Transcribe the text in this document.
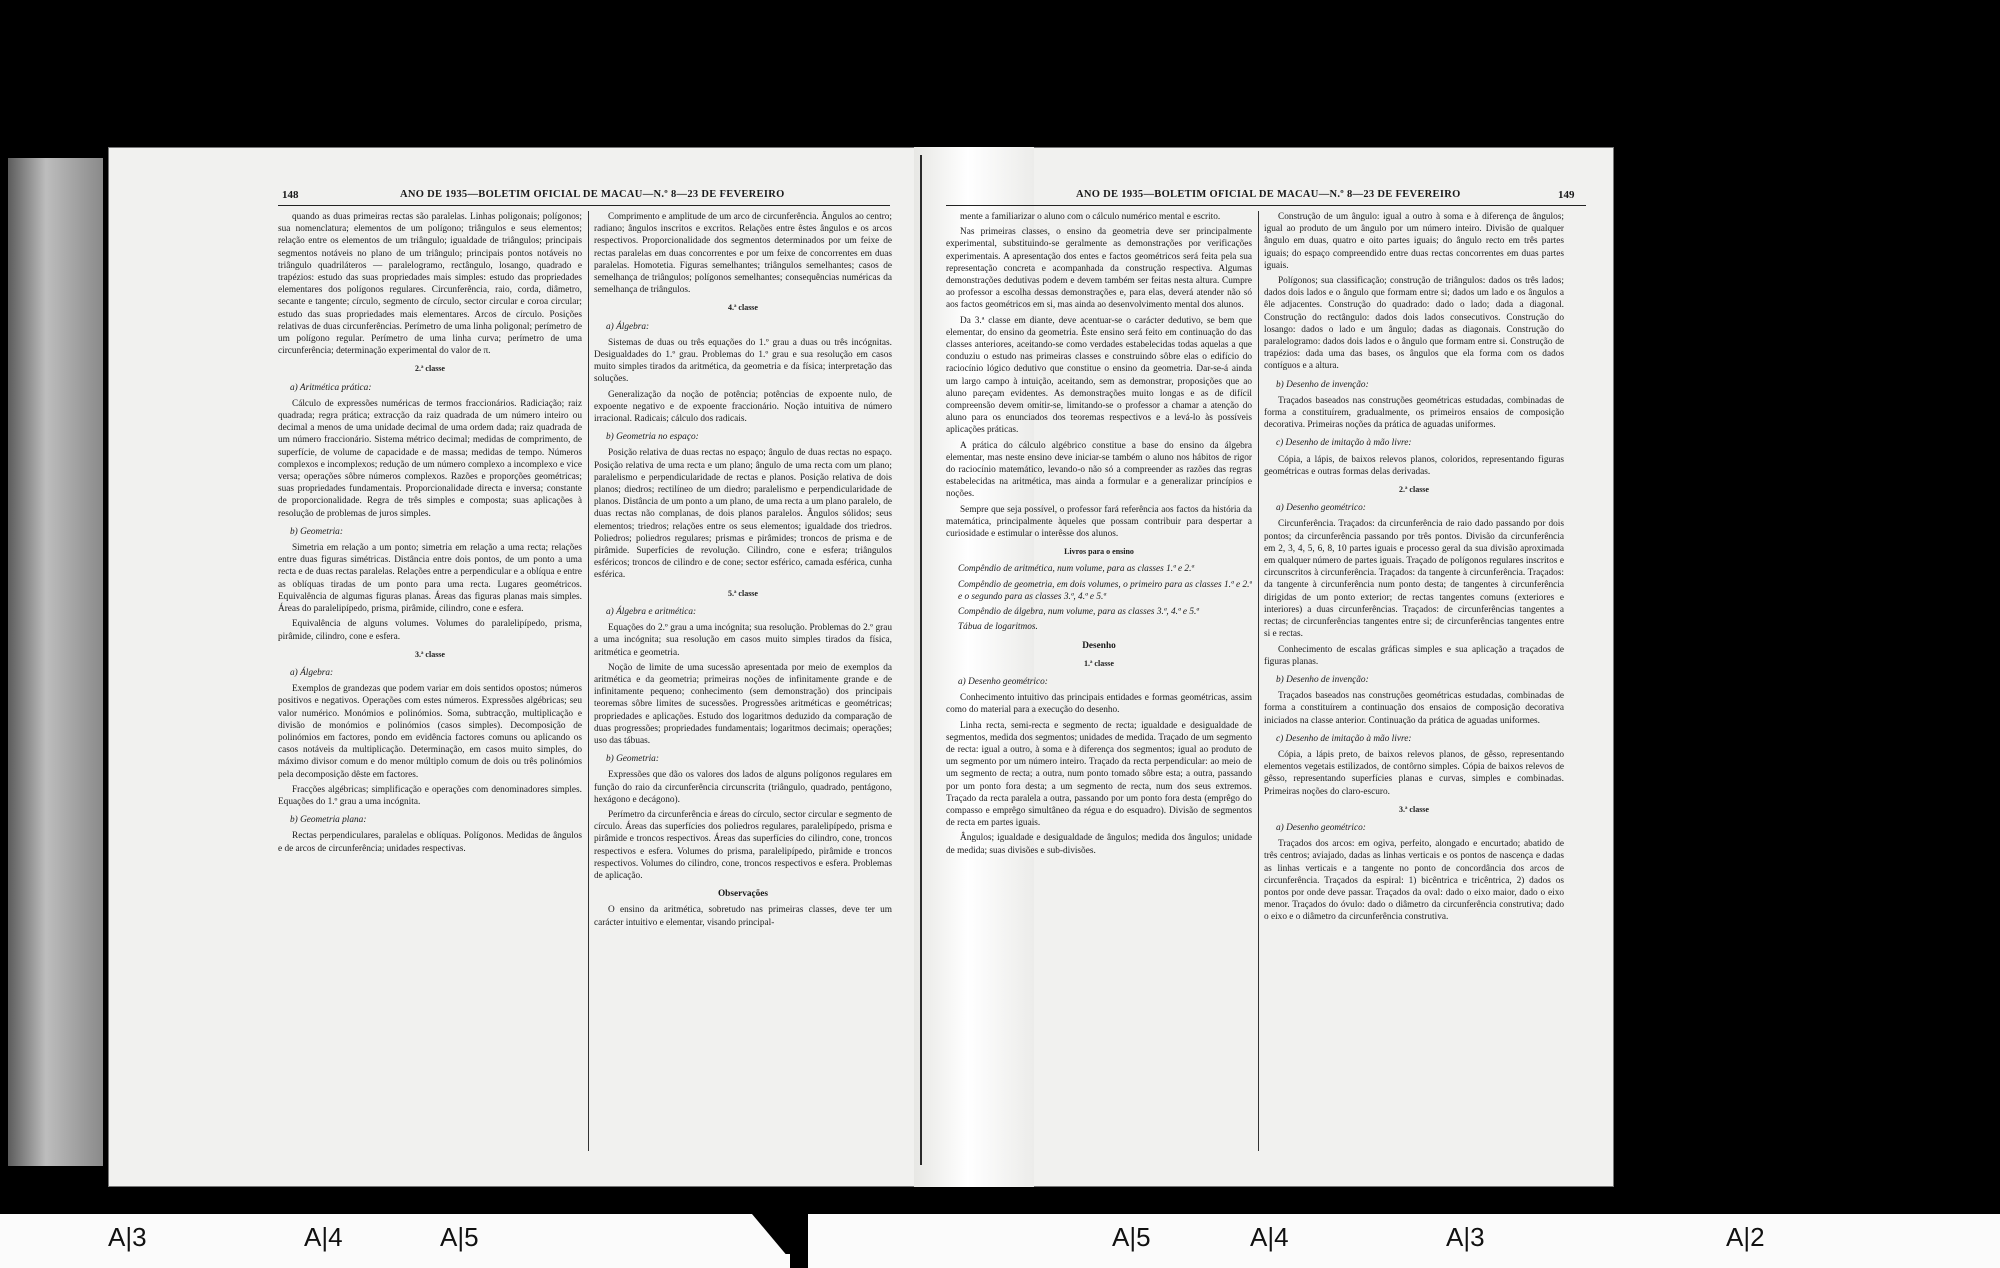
148	ANO DE 1935—BOLETIM OFICIAL DE MACAU—N.º 8—23 DE FEVEREIRO

quando as duas primeiras rectas são paralelas. Linhas poligonais; polígonos; sua nomenclatura; elementos de um polígono; triângulos e seus elementos; relação entre os elementos de um triângulo; igualdade de triângulos; principais segmentos notáveis no plano de um triângulo; principais pontos notáveis no triângulo quadriláteros — paralelogramo, rectângulo, losango, quadrado e trapézios: estudo das suas propriedades mais simples: estudo das propriedades elementares dos polígonos regulares. Circunferência, raio, corda, diâmetro, secante e tangente; círculo, segmento de círculo, sector circular e coroa circular; estudo das suas propriedades mais elementares. Arcos de círculo. Posições relativas de duas circunferências. Perímetro de uma linha poligonal; perímetro de um polígono regular. Perímetro de uma linha curva; perímetro de uma circunferência; determinação experimental do valor de π.

2.ª classe
a) Aritmética prática:

Cálculo de expressões numéricas de termos fraccionários. Radiciação; raiz quadrada; regra prática; extracção da raiz quadrada de um número inteiro ou decimal a menos de uma unidade decimal de uma ordem dada; raiz quadrada de um número fraccionário. Sistema métrico decimal; medidas de comprimento, de superfície, de volume de capacidade e de massa; medidas de tempo. Números complexos e incomplexos; redução de um número complexo a incomplexo e vice versa; operações sôbre números complexos. Razões e proporções geométricas; suas propriedades fundamentais. Proporcionalidade directa e inversa; constante de proporcionalidade. Regra de três simples e composta; suas aplicações à resolução de problemas de juros simples.

b) Geometria:

Simetria em relação a um ponto; simetria em relação a uma recta; relações entre duas figuras simétricas. Distância entre dois pontos, de um ponto a uma recta e de duas rectas paralelas. Relações entre a perpendicular e a oblíqua e entre as oblíquas tiradas de um ponto para uma recta. Lugares geométricos. Equivalência de algumas figuras planas. Áreas das figuras planas mais simples. Áreas do paralelipípedo, prisma, pirâmide, cilindro, cone e esfera.

Equivalência de alguns volumes. Volumes do paralelipípedo, prisma, pirâmide, cilindro, cone e esfera.

3.ª classe
a) Álgebra:

Exemplos de grandezas que podem variar em dois sentidos opostos; números positivos e negativos. Operações com estes números. Expressões algébricas; seu valor numérico. Monómios e polinómios. Soma, subtracção, multiplicação e divisão de monómios e polinómios (casos simples). Decomposição de polinómios em factores, pondo em evidência factores comuns ou aplicando os casos notáveis da multiplicação. Determinação, em casos muito simples, do máximo divisor comum e do menor múltiplo comum de dois ou três polinómios pela decomposição dêste em factores.

Fracções algébricas; simplificação e operações com denominadores simples. Equações do 1.º grau a uma incógnita.

b) Geometria plana:

Rectas perpendiculares, paralelas e oblíquas. Polígonos. Medidas de ângulos e de arcos de circunferência; unidades respectivas.

Comprimento e amplitude de um arco de circunferência. Ângulos ao centro; radiano; ângulos inscritos e excritos. Relações entre êstes ângulos e os arcos respectivos. Proporcionalidade dos segmentos determinados por um feixe de rectas paralelas em duas concorrentes e por um feixe de concorrentes em duas paralelas. Homotetia. Figuras semelhantes; triângulos semelhantes; casos de semelhança de triângulos; polígonos semelhantes; consequências numéricas da semelhança de triângulos.

4.ª classe
a) Álgebra:

Sistemas de duas ou três equações do 1.º grau a duas ou três incógnitas. Desigualdades do 1.º grau. Problemas do 1.º grau e sua resolução em casos muito simples tirados da aritmética, da geometria e da física; interpretação das soluções.

Generalização da noção de potência; potências de expoente nulo, de expoente negativo e de expoente fraccionário. Noção intuitiva de número irracional. Radicais; cálculo dos radicais.

b) Geometria no espaço:

Posição relativa de duas rectas no espaço; ângulo de duas rectas no espaço. Posição relativa de uma recta e um plano; ângulo de uma recta com um plano; paralelismo e perpendicularidade de rectas e planos. Posição relativa de dois planos; diedros; rectilíneo de um diedro; paralelismo e perpendicularidade de planos. Distância de um ponto a um plano, de uma recta a um plano paralelo, de duas rectas não complanas, de dois planos paralelos. Ângulos sólidos; seus elementos; triedros; relações entre os seus elementos; igualdade dos triedros. Poliedros; poliedros regulares; prismas e pirâmides; troncos de prisma e de pirâmide. Superfícies de revolução. Cilindro, cone e esfera; triângulos esféricos; troncos de cilindro e de cone; sector esférico, camada esférica, cunha esférica.

5.ª classe
a) Álgebra e aritmética:

Equações do 2.º grau a uma incógnita; sua resolução. Problemas do 2.º grau a uma incógnita; sua resolução em casos muito simples tirados da física, aritmética e geometria.

Noção de limite de uma sucessão apresentada por meio de exemplos da aritmética e da geometria; primeiras noções de infinitamente grande e de infinitamente pequeno; conhecimento (sem demonstração) dos principais teoremas sôbre limites de sucessões. Progressões aritméticas e geométricas; propriedades e aplicações. Estudo dos logaritmos deduzido da comparação de duas progressões; propriedades fundamentais; logaritmos decimais; operações; uso das tábuas.

b) Geometria:

Expressões que dão os valores dos lados de alguns polígonos regulares em função do raio da circunferência circunscrita (triângulo, quadrado, pentágono, hexágono e decágono).

Perímetro da circunferência e áreas do círculo, sector circular e segmento de círculo. Áreas das superfícies dos poliedros regulares, paralelipípedo, prisma e pirâmide e troncos respectivos. Áreas das superfícies do cilindro, cone, troncos respectivos e esfera. Volumes do prisma, paralelipípedo, pirâmide e troncos respectivos. Volumes do cilindro, cone, troncos respectivos e esfera. Problemas de aplicação.

Observações

O ensino da aritmética, sobretudo nas primeiras classes, deve ter um carácter intuitivo e elementar, visando principal-

149
ANO DE 1935—BOLETIM OFICIAL DE MACAU—N.º 8—23 DE FEVEREIRO

mente a familiarizar o aluno com o cálculo numérico mental e escrito.

Nas primeiras classes, o ensino da geometria deve ser principalmente experimental, substituindo-se geralmente as demonstrações por verificações experimentais. A apresentação dos entes e factos geométricos será feita pela sua representação concreta e acompanhada da construção respectiva. Algumas demonstrações dedutivas podem e devem também ser feitas nesta altura. Cumpre ao professor a escolha dessas demonstrações e, para elas, deverá atender não só aos factos geométricos em si, mas ainda ao desenvolvimento mental dos alunos.

Da 3.ª classe em diante, deve acentuar-se o carácter dedutivo, se bem que elementar, do ensino da geometria. Êste ensino será feito em continuação do das classes anteriores, aceitando-se como verdades estabelecidas todas aquelas a que conduziu o estudo nas primeiras classes e construindo sôbre elas o edifício do raciocínio lógico dedutivo que constitue o ensino da geometria. Dar-se-á ainda um largo campo à intuição, aceitando, sem as demonstrar, proposições que ao aluno pareçam evidentes. As demonstrações muito longas e as de difícil compreensão devem omitir-se, limitando-se o professor a chamar a atenção do aluno para os enunciados dos teoremas respectivos e a levá-lo às possíveis aplicações práticas.

A prática do cálculo algébrico constitue a base do ensino da álgebra elementar, mas neste ensino deve iniciar-se também o aluno nos hábitos de rigor do raciocínio matemático, levando-o não só a compreender as razões das regras estabelecidas na aritmética, mas ainda a formular e a generalizar princípios e noções.

Sempre que seja possível, o professor fará referência aos factos da história da matemática, principalmente àqueles que possam contribuir para despertar a curiosidade e estimular o interêsse dos alunos.

Livros para o ensino
Compêndio de aritmética, num volume, para as classes 1.ª e 2.ª
Compêndio de geometria, em dois volumes, o primeiro para as classes 1.ª e 2.ª e o segundo para as classes 3.ª, 4.ª e 5.ª
Compêndio de álgebra, num volume, para as classes 3.ª, 4.ª e 5.ª
Tábua de logaritmos.
Desenho
1.ª classe
a) Desenho geométrico:

Conhecimento intuitivo das principais entidades e formas geométricas, assim como do material para a execução do desenho.

Linha recta, semi-recta e segmento de recta; igualdade e desigualdade de segmentos, medida dos segmentos; unidades de medida. Traçado de um segmento de recta: igual a outro, à soma e à diferença dos segmentos; igual ao produto de um segmento por um número inteiro. Traçado da recta perpendicular: ao meio de um segmento de recta; a outra, num ponto tomado sôbre esta; a outra, passando por um ponto fora desta; a um segmento de recta, num dos seus extremos. Traçado da recta paralela a outra, passando por um ponto fora desta (emprêgo do compasso e emprêgo simultâneo da régua e do esquadro). Divisão de segmentos de recta em partes iguais.

Ângulos; igualdade e desigualdade de ângulos; medida dos ângulos; unidade de medida; suas divisões e sub-divisões.

Construção de um ângulo: igual a outro à soma e à diferença de ângulos; igual ao produto de um ângulo por um número inteiro. Divisão de qualquer ângulo em duas, quatro e oito partes iguais; do ângulo recto em três partes iguais; do espaço compreendido entre duas rectas concorrentes em duas partes iguais.

Polígonos; sua classificação; construção de triângulos: dados os três lados; dados dois lados e o ângulo que formam entre si; dados um lado e os ângulos a êle adjacentes. Construção do quadrado: dado o lado; dada a diagonal. Construção do rectângulo: dados dois lados consecutivos. Construção do losango: dados o lado e um ângulo; dadas as diagonais. Construção do paralelogramo: dados dois lados e o ângulo que formam entre si. Construção de trapézios: dada uma das bases, os ângulos que ela forma com os dados contíguos e a altura.

b) Desenho de invenção:

Traçados baseados nas construções geométricas estudadas, combinadas de forma a constituírem, gradualmente, os primeiros ensaios de composição decorativa. Primeiras noções da prática de aguadas uniformes.

c) Desenho de imitação à mão livre:

Cópia, a lápis, de baixos relevos planos, coloridos, representando figuras geométricas e outras formas delas derivadas.

2.ª classe
a) Desenho geométrico:

Circunferência. Traçados: da circunferência de raio dado passando por dois pontos; da circunferência passando por três pontos. Divisão da circunferência em 2, 3, 4, 5, 6, 8, 10 partes iguais e processo geral da sua divisão aproximada em qualquer número de partes iguais. Traçado de polígonos regulares inscritos e circunscritos à circunferência. Traçados: da tangente à circunferência. Traçados: da tangente à circunferência num ponto desta; de tangentes à circunferência dirigidas de um ponto exterior; de rectas tangentes comuns (exteriores e interiores) a duas circunferências. Traçados: de circunferências tangentes a rectas; de circunferências tangentes entre si; de circunferências tangentes entre si e rectas.

Conhecimento de escalas gráficas simples e sua aplicação a traçados de figuras planas.

b) Desenho de invenção:

Traçados baseados nas construções geométricas estudadas, combinadas de forma a constituírem a continuação dos ensaios de composição decorativa iniciados na classe anterior. Continuação da prática de aguadas uniformes.

c) Desenho de imitação à mão livre:

Cópia, a lápis preto, de baixos relevos planos, de gêsso, representando elementos vegetais estilizados, de contôrno simples. Cópia de baixos relevos de gêsso, representando superfícies planas e curvas, simples e combinadas. Primeiras noções do claro-escuro.

3.ª classe
a) Desenho geométrico:

Traçados dos arcos: em ogiva, perfeito, alongado e encurtado; abatido de três centros; aviajado, dadas as linhas verticais e os pontos de nascença e dadas as linhas verticais e a tangente no ponto de concordância dos arcos de circunferência. Traçados da espiral: 1) bicêntrica e tricêntrica, 2) dados os pontos por onde deve passar. Traçados da oval: dado o eixo maior, dado o eixo menor. Traçados do óvulo: dado o diâmetro da circunferência construtiva; dado o eixo e o diâmetro da circunferência construtiva.

A|3	A|4	A|5	A|5	A|4	A|3	A|2
